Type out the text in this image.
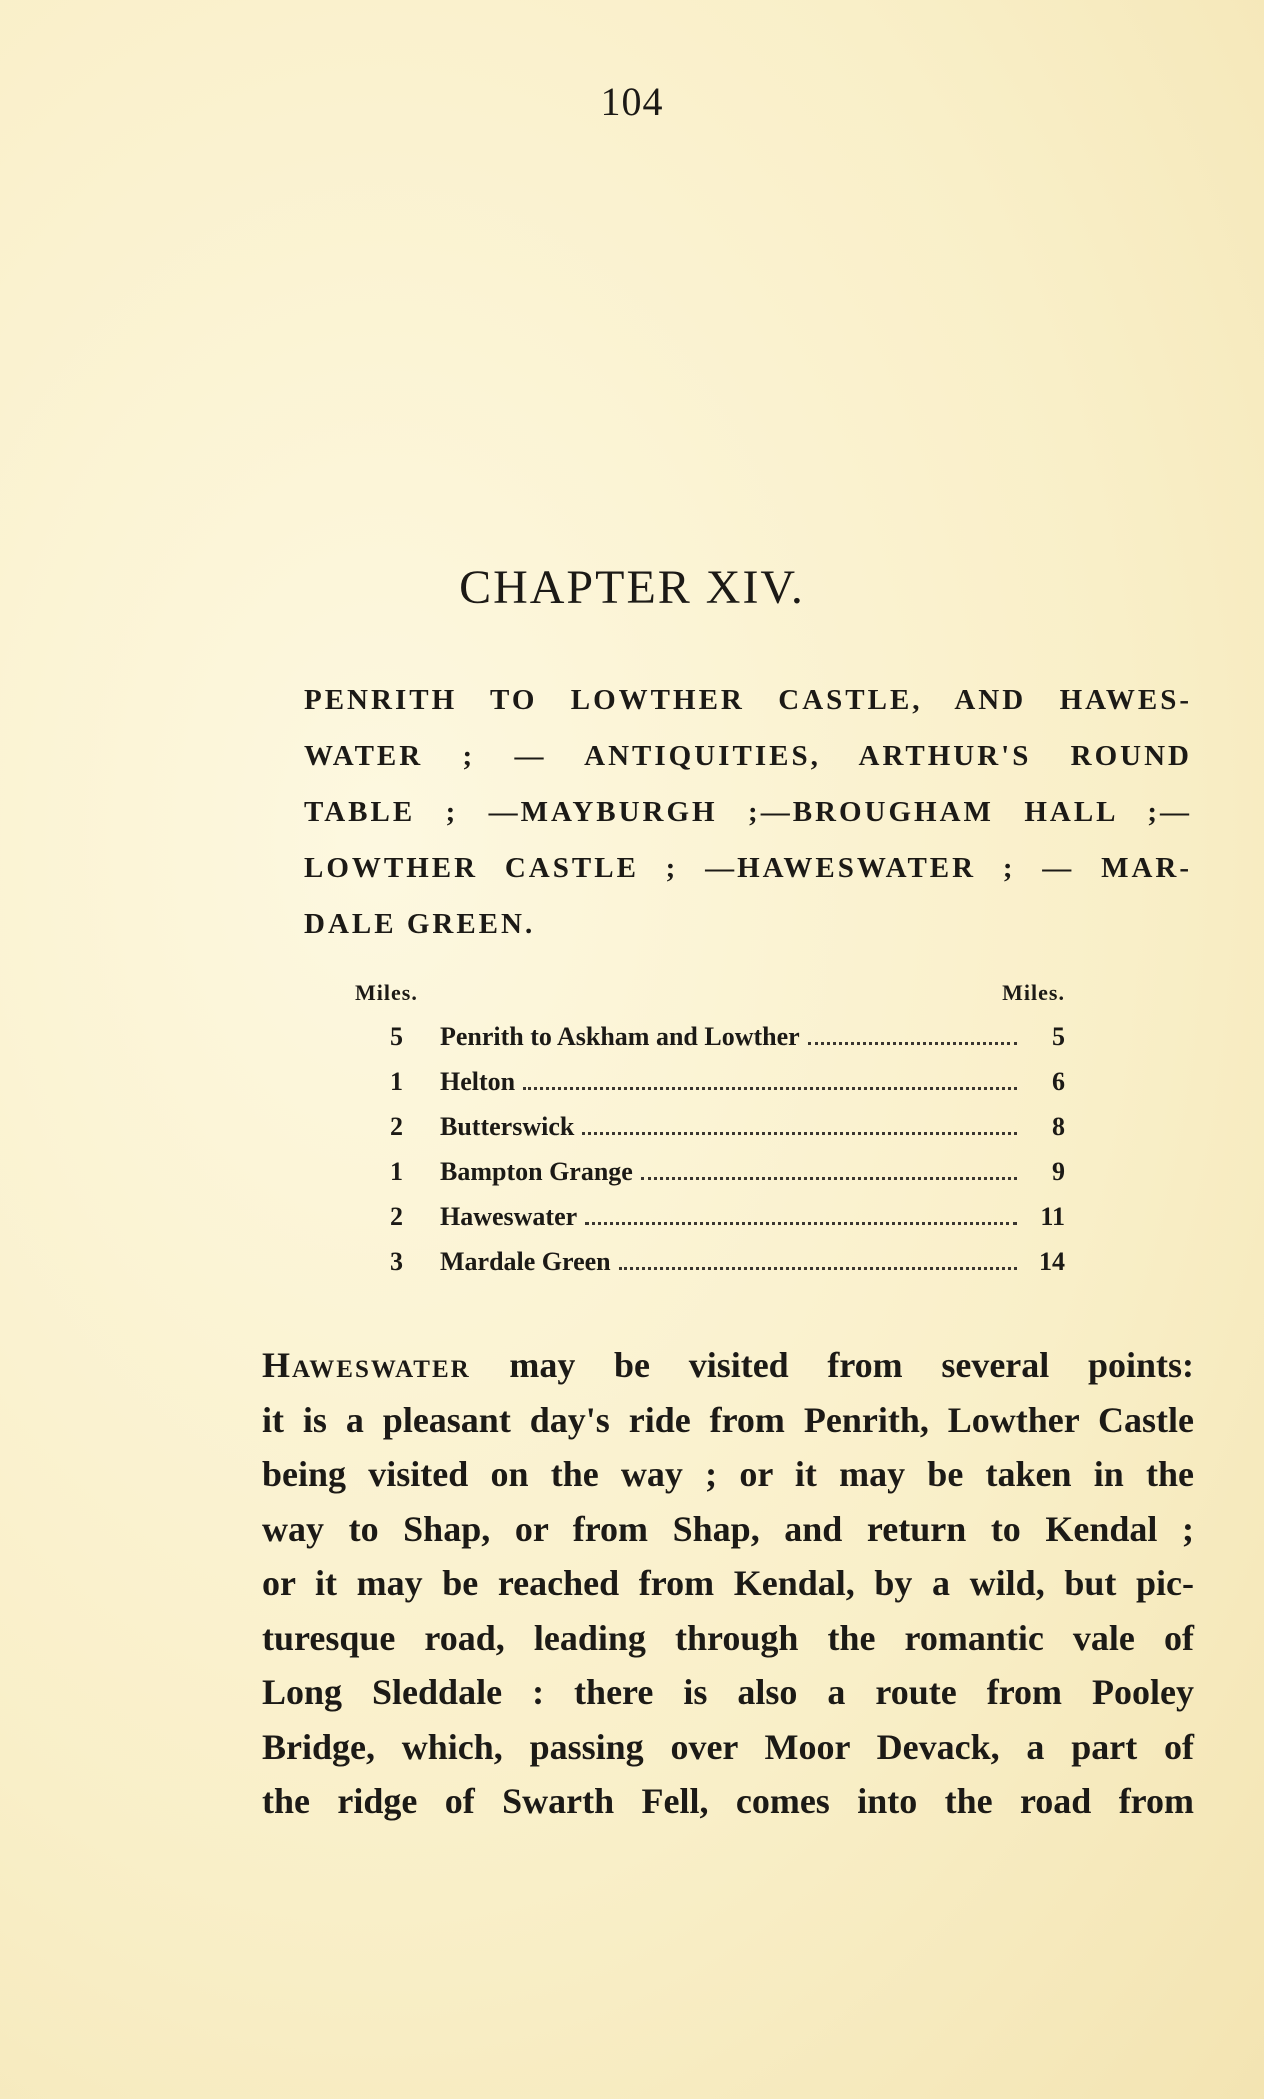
104
CHAPTER XIV.
PENRITH TO LOWTHER CASTLE, AND HAWES-
WATER ; — ANTIQUITIES, ARTHUR'S ROUND
TABLE ; —MAYBURGH ;—BROUGHAM HALL ;—
LOWTHER CASTLE ; —HAWESWATER ; — MAR-
DALE GREEN.
Miles.	Miles.
5	Penrith to Askham and Lowther	5
1	Helton	6
2	Butterswick	8
1	Bampton Grange	9
2	Haweswater	11
3	Mardale Green	14
Haweswater may be visited from several points:
it is a pleasant day's ride from Penrith, Lowther Castle
being visited on the way ; or it may be taken in the
way to Shap, or from Shap, and return to Kendal ;
or it may be reached from Kendal, by a wild, but pic-
turesque road, leading through the romantic vale of
Long Sleddale : there is also a route from Pooley
Bridge, which, passing over Moor Devack, a part of
the ridge of Swarth Fell, comes into the road from
